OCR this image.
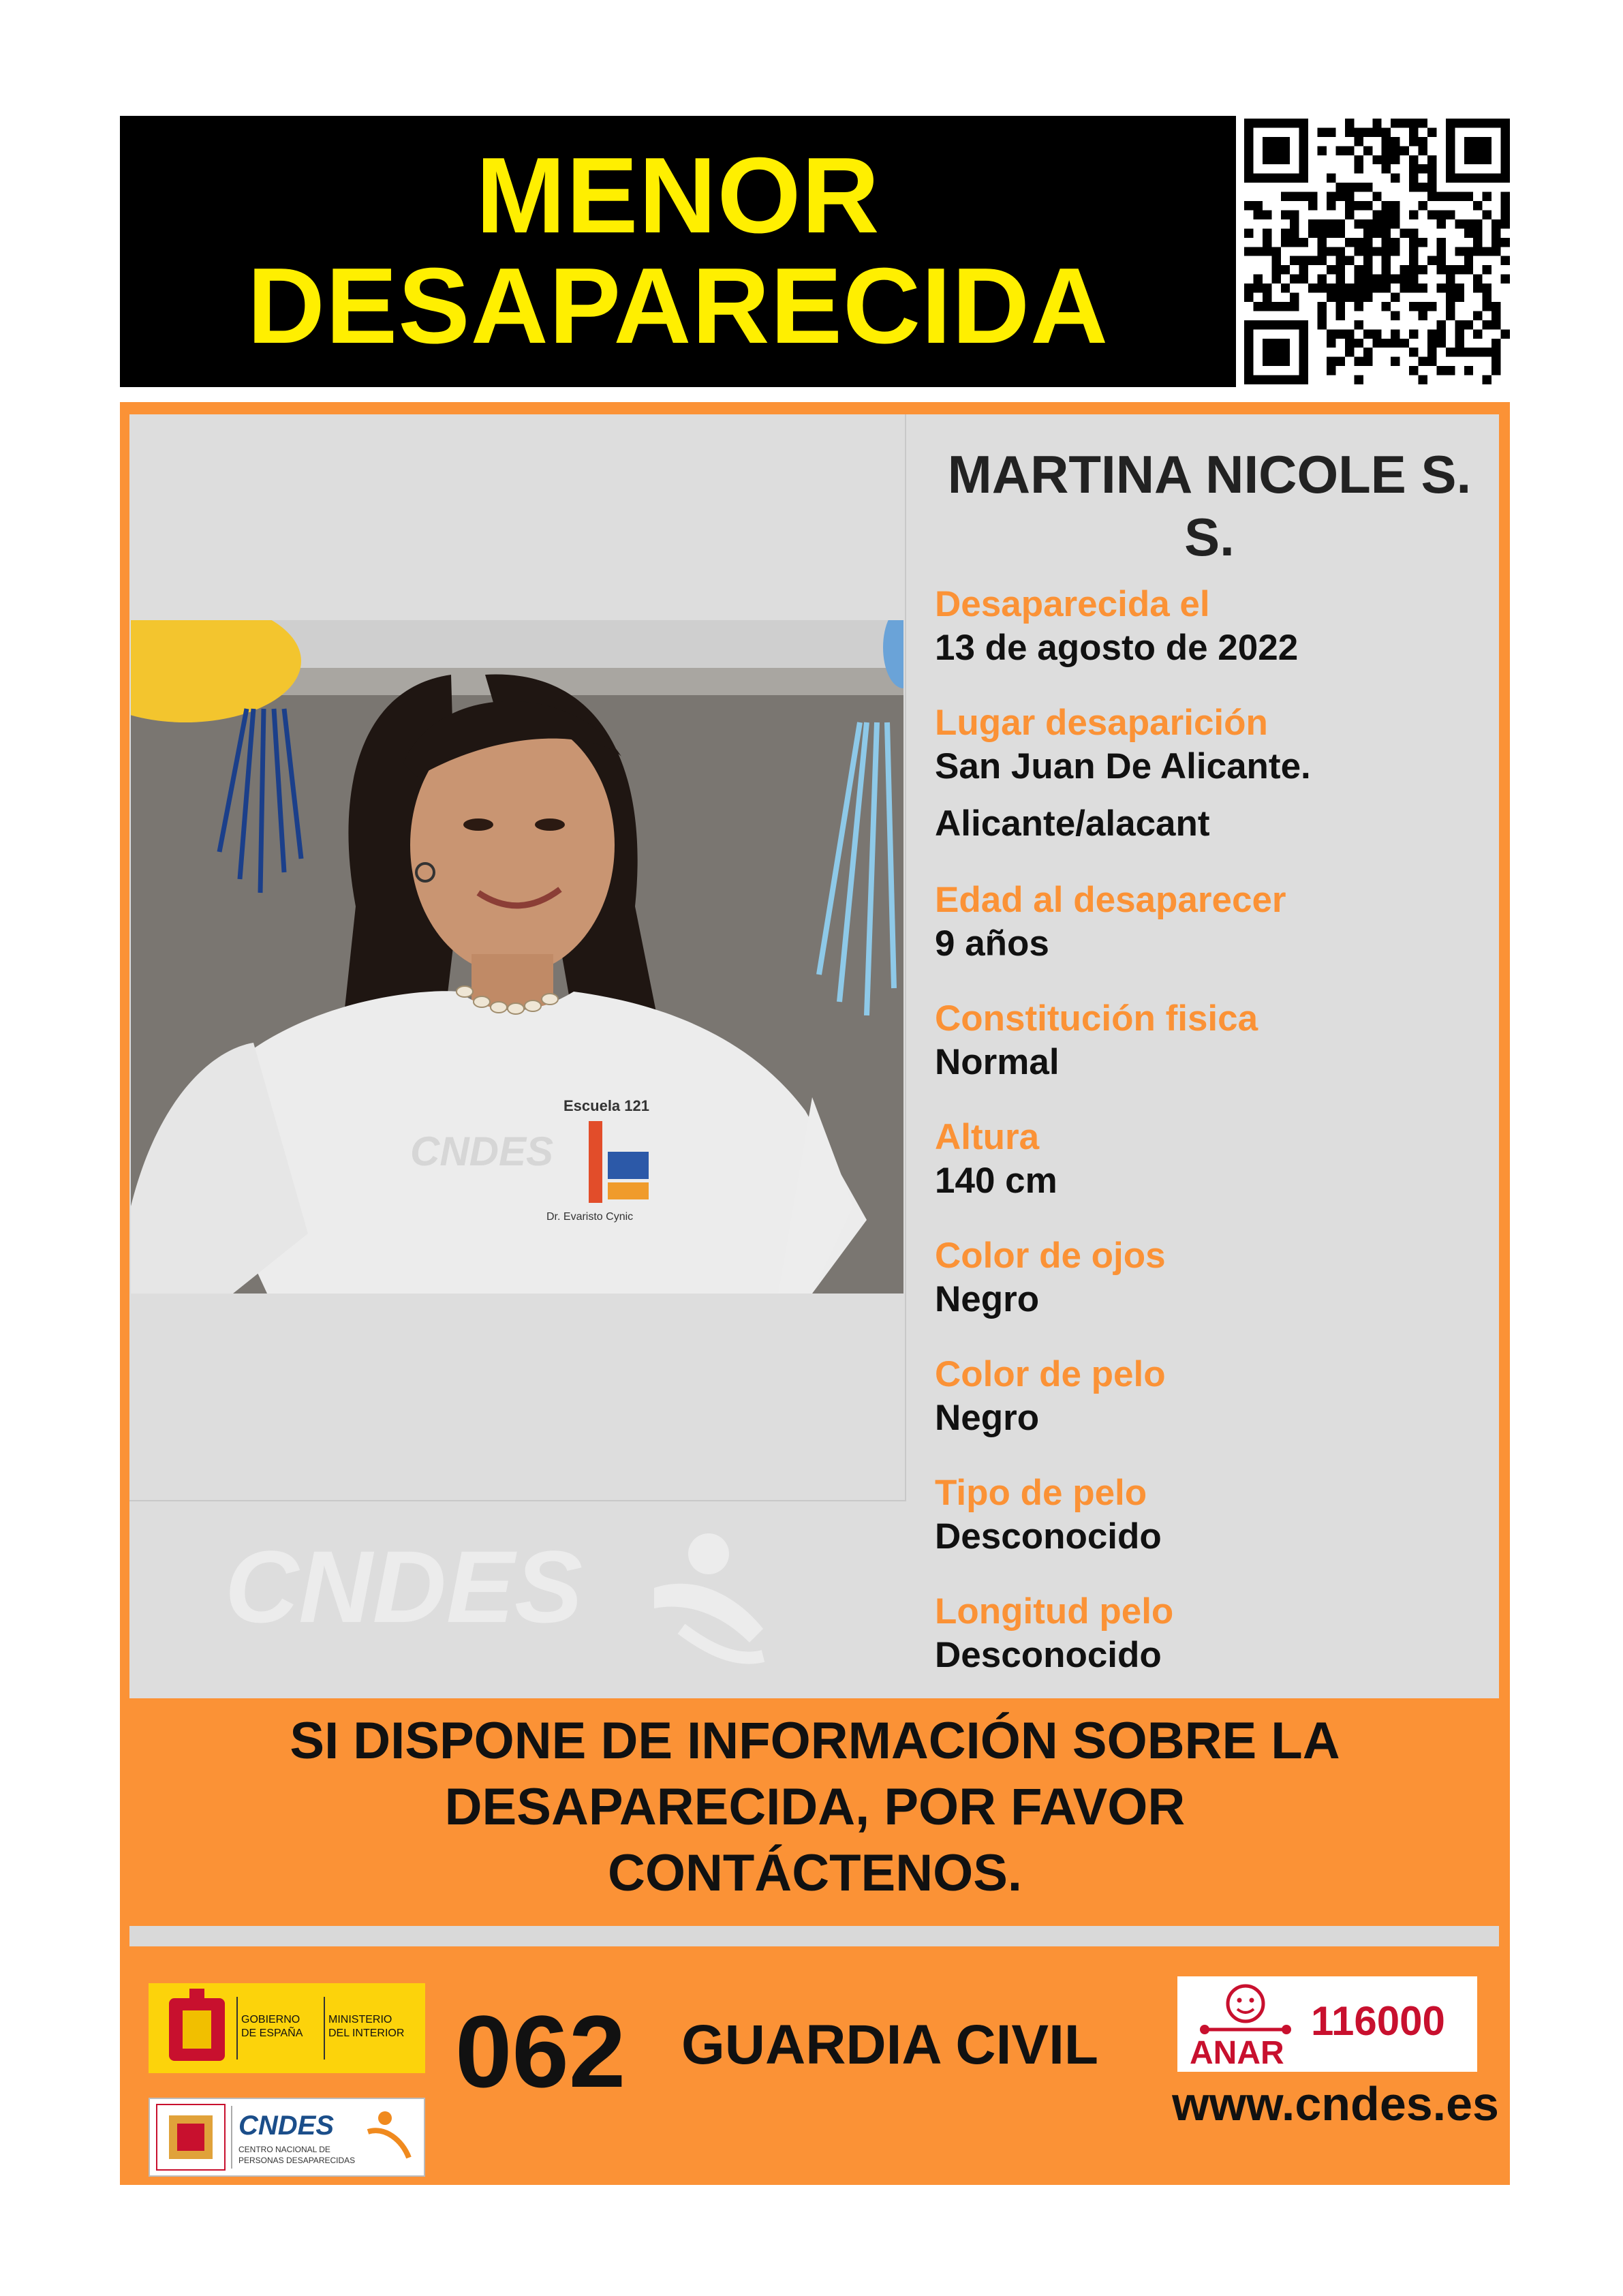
MENOR
DESAPARECIDA
Escuela 121
Dr. Evaristo Cynic
CNDES
CNDES
MARTINA NICOLE S.
S.
Desaparecida el
13 de agosto de 2022
Lugar desaparición
San Juan De Alicante.
Alicante/alacant
Edad al desaparecer
9 años
Constitución fisica
Normal
Altura
140 cm
Color de ojos
Negro
Color de pelo
Negro
Tipo de pelo
Desconocido
Longitud pelo
Desconocido
SI DISPONE DE INFORMACIÓN SOBRE LA
DESAPARECIDA, POR FAVOR
CONTÁCTENOS.
GOBIERNO
DE ESPAÑA
MINISTERIO
DEL INTERIOR
CNDES
CENTRO NACIONAL DE
PERSONAS DESAPARECIDAS
062 GUARDIA CIVIL	ANAR
116000
www.cndes.es
